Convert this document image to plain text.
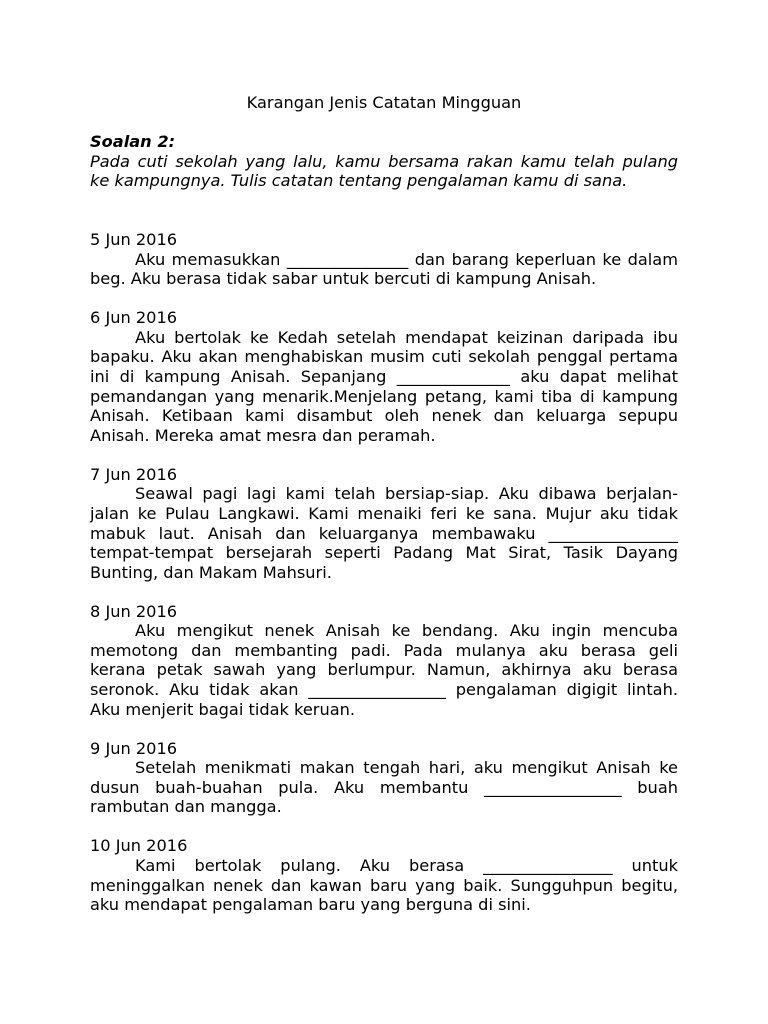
Karangan Jenis Catatan Mingguan
Soalan 2:
Pada cuti sekolah yang lalu, kamu bersama rakan kamu telah pulang
ke kampungnya. Tulis catatan tentang pengalaman kamu di sana.
5 Jun 2016
Aku memasukkan _______________ dan barang keperluan ke dalam
beg. Aku berasa tidak sabar untuk bercuti di kampung Anisah.
6 Jun 2016
Aku bertolak ke Kedah setelah mendapat keizinan daripada ibu
bapaku. Aku akan menghabiskan musim cuti sekolah penggal pertama
ini di kampung Anisah. Sepanjang ______________ aku dapat melihat
pemandangan yang menarik.Menjelang petang, kami tiba di kampung
Anisah. Ketibaan kami disambut oleh nenek dan keluarga sepupu
Anisah. Mereka amat mesra dan peramah.
7 Jun 2016
Seawal pagi lagi kami telah bersiap-siap. Aku dibawa berjalan-
jalan ke Pulau Langkawi. Kami menaiki feri ke sana. Mujur aku tidak
mabuk laut. Anisah dan keluarganya membawaku ________________
tempat-tempat bersejarah seperti Padang Mat Sirat, Tasik Dayang
Bunting, dan Makam Mahsuri.
8 Jun 2016
Aku mengikut nenek Anisah ke bendang. Aku ingin mencuba
memotong dan membanting padi. Pada mulanya aku berasa geli
kerana petak sawah yang berlumpur. Namun, akhirnya aku berasa
seronok. Aku tidak akan _________________ pengalaman digigit lintah.
Aku menjerit bagai tidak keruan.
9 Jun 2016
Setelah menikmati makan tengah hari, aku mengikut Anisah ke
dusun buah-buahan pula. Aku membantu _________________ buah
rambutan dan mangga.
10 Jun 2016
Kami bertolak pulang. Aku berasa ________________ untuk
meninggalkan nenek dan kawan baru yang baik. Sungguhpun begitu,
aku mendapat pengalaman baru yang berguna di sini.
